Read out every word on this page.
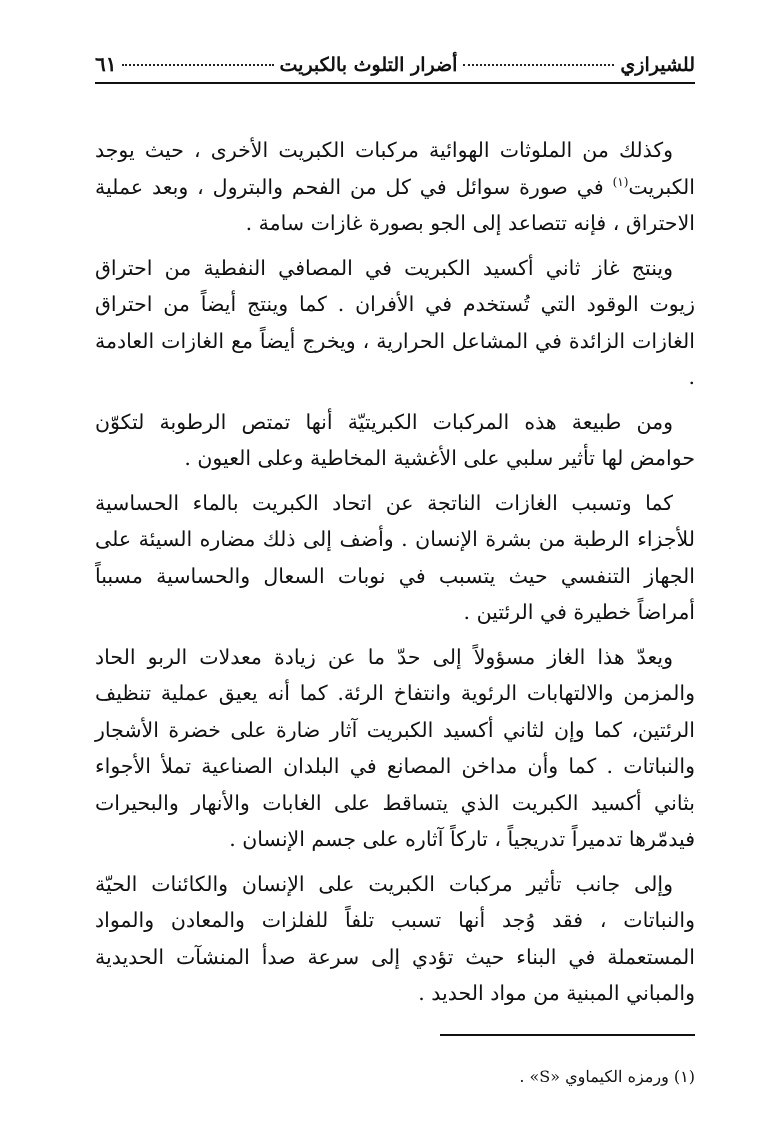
للشيرازي
أضرار التلوث بالكبريت
٦١

وكذلك من الملوثات الهوائية مركبات الكبريت الأخرى ، حيث يوجد الكبريت$^{(١)}$ في صورة سوائل في كل من الفحم والبترول ، وبعد عملية الاحتراق ، فإنه تتصاعد إلى الجو بصورة غازات سامة .

وينتج غاز ثاني أكسيد الكبريت في المصافي النفطية من احتراق زيوت الوقود التي تُستخدم في الأفران . كما وينتج أيضاً من احتراق الغازات الزائدة في المشاعل الحرارية ، ويخرج أيضاً مع الغازات العادمة .

ومن طبيعة هذه المركبات الكبريتيّة أنها تمتص الرطوبة لتكوّن حوامض لها تأثير سلبي على الأغشية المخاطية وعلى العيون .

كما وتسبب الغازات الناتجة عن اتحاد الكبريت بالماء الحساسية للأجزاء الرطبة من بشرة الإنسان . وأضف إلى ذلك مضاره السيئة على الجهاز التنفسي حيث يتسبب في نوبات السعال والحساسية مسبباً أمراضاً خطيرة في الرئتين .

ويعدّ هذا الغاز مسؤولاً إلى حدّ ما عن زيادة معدلات الربو الحاد والمزمن والالتهابات الرئوية وانتفاخ الرئة. كما أنه يعيق عملية تنظيف الرئتين، كما وإن لثاني أكسيد الكبريت آثار ضارة على خضرة الأشجار والنباتات . كما وأن مداخن المصانع في البلدان الصناعية تملأ الأجواء بثاني أكسيد الكبريت الذي يتساقط على الغابات والأنهار والبحيرات فيدمّرها تدميراً تدريجياً ، تاركاً آثاره على جسم الإنسان .

وإلى جانب تأثير مركبات الكبريت على الإنسان والكائنات الحيّة والنباتات ، فقد وُجد أنها تسبب تلفاً للفلزات والمعادن والمواد المستعملة في البناء حيث تؤدي إلى سرعة صدأ المنشآت الحديدية والمباني المبنية من مواد الحديد .

(١) ورمزه الكيماوي «S» .
